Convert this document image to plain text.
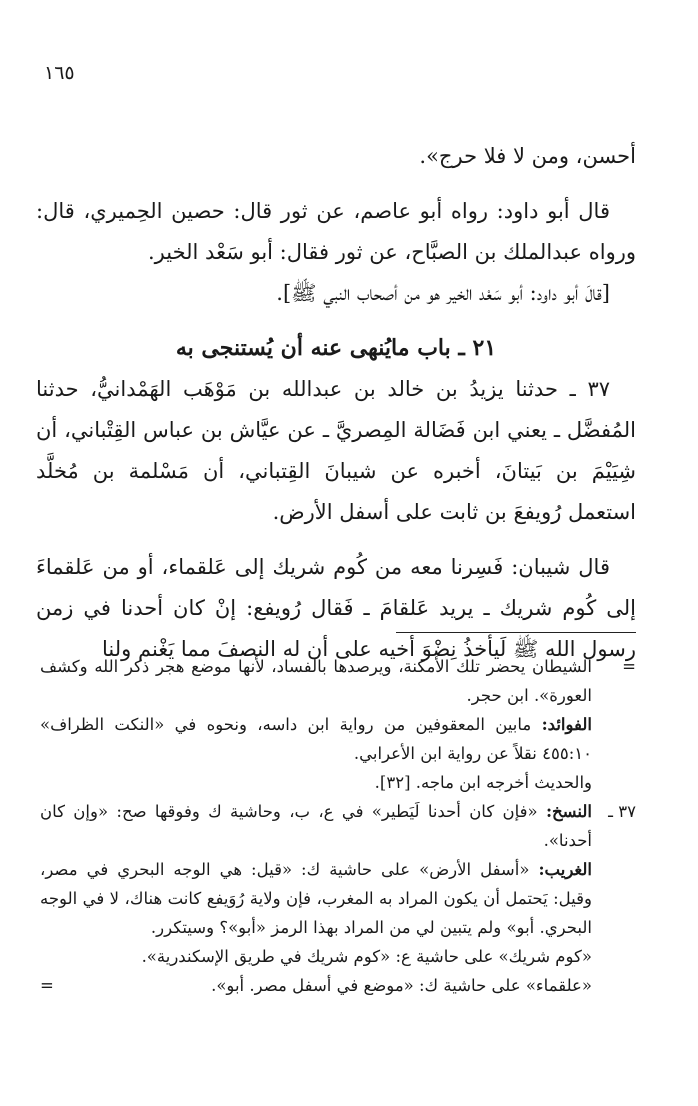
١٦٥

أحسن، ومن لا فلا حرج».

قال أبو داود: رواه أبو عاصم، عن ثور قال: حصين الحِميري، قال: ورواه عبدالملك بن الصبَّاح، عن ثور فقال: أبو سَعْد الخير.

[قالَ أبو داود: أبو سَعْد الخير هو من أصحاب النبي ﷺ].

٢١ ـ باب مايُنهى عنه أن يُستنجى به

٣٧ ـ حدثنا يزيدُ بن خالد بن عبدالله بن مَوْهَب الهَمْدانيُّ، حدثنا المُفضَّل ـ يعني ابن فَضَالة المِصريَّ ـ عن عيَّاش بن عباس القِتْباني، أن شِيَيْمَ بن بَيتانَ، أخبره عن شيبانَ القِتباني، أن مَسْلمة بن مُخلَّد استعمل رُويفعَ بن ثابت على أسفل الأرض.

قال شيبان: فَسِرنا معه من كُوم شريك إلى عَلقماء، أو من عَلقماءَ إلى كُوم شريك ـ يريد عَلقامَ ـ فَقال رُويفع: إنْ كان أحدنا في زمن رسول الله ﷺ لَيأخذُ نِضْوَ أخيه على أن له النصفَ مما يَغْنم ولنا

=

الشيطان يحضر تلك الأمكنة، ويرصدها بالفساد، لأنها موضع هجر ذكر الله وكشف العورة». ابن حجر.

الفوائد: مابين المعقوفين من رواية ابن داسه، ونحوه في «النكت الظراف» ٤٥٥:١٠ نقلاً عن رواية ابن الأعرابي.

والحديث أخرجه ابن ماجه. [٣٢].

٣٧ ـ

النسخ: «فإن كان أحدنا لَيَطير» في ع، ب، وحاشية ك وفوقها صح: «وإن كان أحدنا».

الغريب: «أسفل الأرض» على حاشية ك: «قيل: هي الوجه البحري في مصر، وقيل: يَحتمل أن يكون المراد به المغرب، فإن ولاية رُوَيفع كانت هناك، لا في الوجه البحري. أبو» ولم يتبين لي من المراد بهذا الرمز «أبو»؟ وسيتكرر.

«كوم شريك» على حاشية ع: «كوم شريك في طريق الإسكندرية».

=	«علقماء» على حاشية ك: «موضع في أسفل مصر. أبو».
